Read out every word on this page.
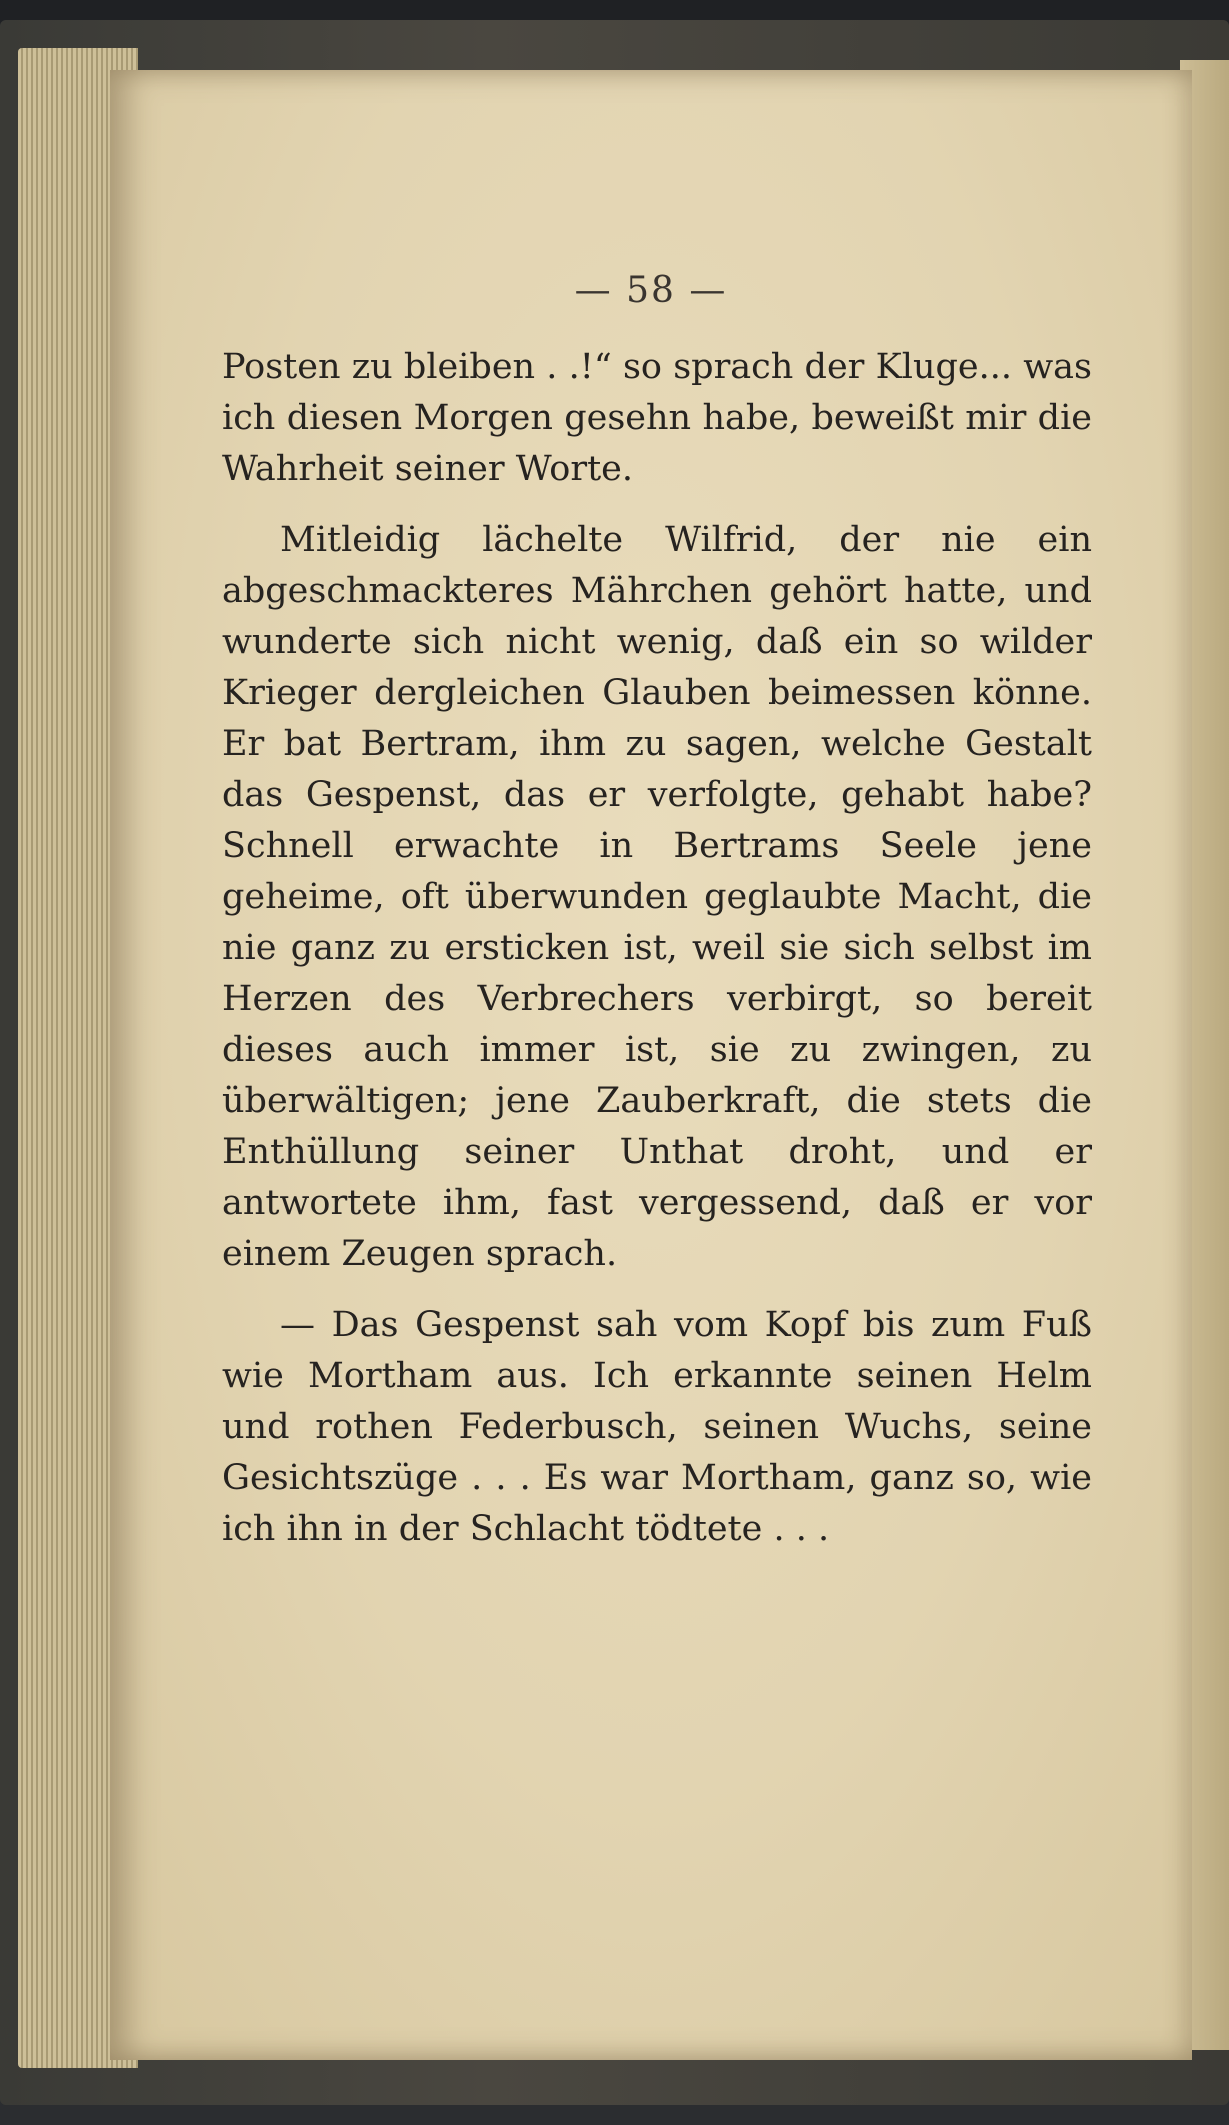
— 58 —

Posten zu bleiben . .!“ so sprach der Kluge... was ich diesen Morgen gesehn habe, beweißt mir die Wahrheit seiner Worte.

Mitleidig lächelte Wilfrid, der nie ein abgeschmackteres Mährchen gehört hatte, und wunderte sich nicht wenig, daß ein so wilder Krieger dergleichen Glauben beimessen könne. Er bat Bertram, ihm zu sagen, welche Gestalt das Gespenst, das er verfolgte, gehabt habe? Schnell erwachte in Bertrams Seele jene geheime, oft überwunden geglaubte Macht, die nie ganz zu ersticken ist, weil sie sich selbst im Herzen des Verbrechers verbirgt, so bereit dieses auch immer ist, sie zu zwingen, zu überwältigen; jene Zauberkraft, die stets die Enthüllung seiner Unthat droht, und er antwortete ihm, fast vergessend, daß er vor einem Zeugen sprach.

— Das Gespenst sah vom Kopf bis zum Fuß wie Mortham aus. Ich erkannte seinen Helm und rothen Federbusch, seinen Wuchs, seine Gesichtszüge . . . Es war Mortham, ganz so, wie ich ihn in der Schlacht tödtete . . .
